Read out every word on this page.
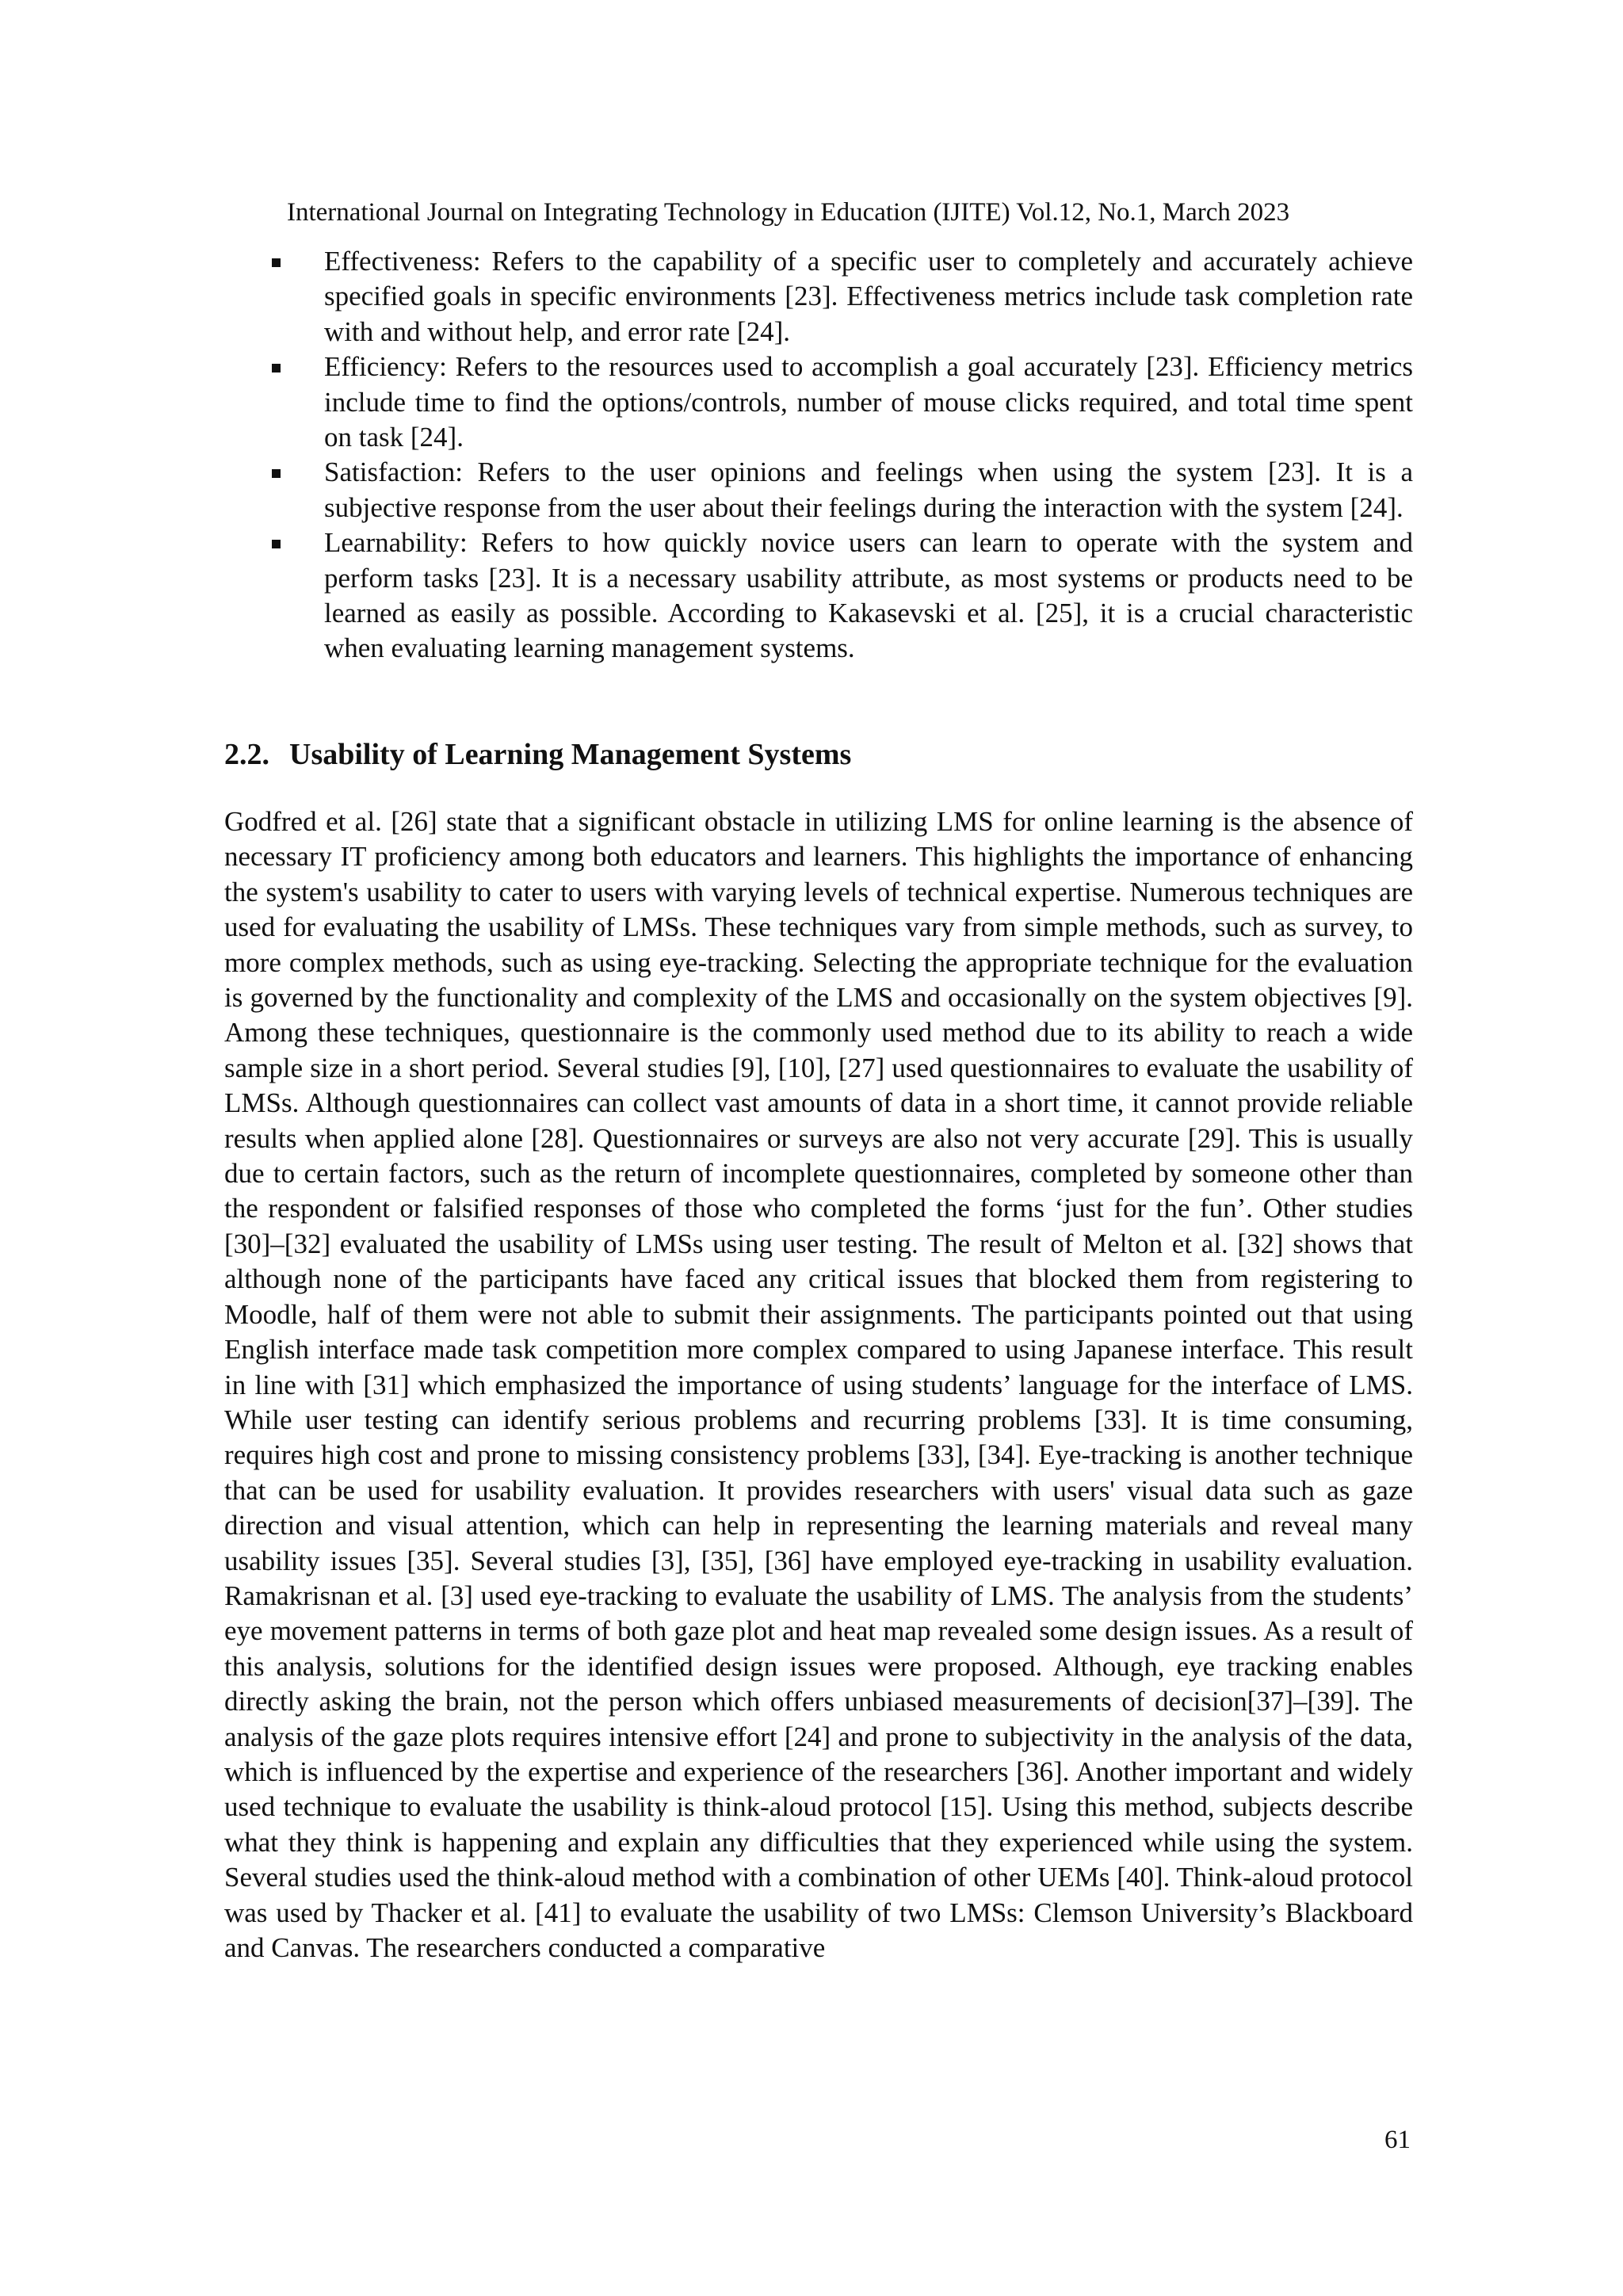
International Journal on Integrating Technology in Education (IJITE) Vol.12, No.1, March 2023
Effectiveness: Refers to the capability of a specific user to completely and accurately achieve specified goals in specific environments [23]. Effectiveness metrics include task completion rate with and without help, and error rate [24].
Efficiency: Refers to the resources used to accomplish a goal accurately [23]. Efficiency metrics include time to find the options/controls, number of mouse clicks required, and total time spent on task [24].
Satisfaction: Refers to the user opinions and feelings when using the system [23]. It is a subjective response from the user about their feelings during the interaction with the system [24].
Learnability: Refers to how quickly novice users can learn to operate with the system and perform tasks [23]. It is a necessary usability attribute, as most systems or products need to be learned as easily as possible. According to Kakasevski et al. [25], it is a crucial characteristic when evaluating learning management systems.
2.2. Usability of Learning Management Systems

Godfred et al. [26] state that a significant obstacle in utilizing LMS for online learning is the absence of necessary IT proficiency among both educators and learners. This highlights the importance of enhancing the system's usability to cater to users with varying levels of technical expertise. Numerous techniques are used for evaluating the usability of LMSs. These techniques vary from simple methods, such as survey, to more complex methods, such as using eye-tracking. Selecting the appropriate technique for the evaluation is governed by the functionality and complexity of the LMS and occasionally on the system objectives [9]. Among these techniques, questionnaire is the commonly used method due to its ability to reach a wide sample size in a short period. Several studies [9], [10], [27] used questionnaires to evaluate the usability of LMSs. Although questionnaires can collect vast amounts of data in a short time, it cannot provide reliable results when applied alone [28]. Questionnaires or surveys are also not very accurate [29]. This is usually due to certain factors, such as the return of incomplete questionnaires, completed by someone other than the respondent or falsified responses of those who completed the forms ‘just for the fun’. Other studies [30]–[32] evaluated the usability of LMSs using user testing. The result of Melton et al. [32] shows that although none of the participants have faced any critical issues that blocked them from registering to Moodle, half of them were not able to submit their assignments. The participants pointed out that using English interface made task competition more complex compared to using Japanese interface. This result in line with [31] which emphasized the importance of using students’ language for the interface of LMS. While user testing can identify serious problems and recurring problems [33]. It is time consuming, requires high cost and prone to missing consistency problems [33], [34]. Eye-tracking is another technique that can be used for usability evaluation. It provides researchers with users' visual data such as gaze direction and visual attention, which can help in representing the learning materials and reveal many usability issues [35]. Several studies [3], [35], [36] have employed eye-tracking in usability evaluation. Ramakrisnan et al. [3] used eye-tracking to evaluate the usability of LMS. The analysis from the students’ eye movement patterns in terms of both gaze plot and heat map revealed some design issues. As a result of this analysis, solutions for the identified design issues were proposed. Although, eye tracking enables directly asking the brain, not the person which offers unbiased measurements of decision[37]–[39]. The analysis of the gaze plots requires intensive effort [24] and prone to subjectivity in the analysis of the data, which is influenced by the expertise and experience of the researchers [36]. Another important and widely used technique to evaluate the usability is think-aloud protocol [15]. Using this method, subjects describe what they think is happening and explain any difficulties that they experienced while using the system. Several studies used the think-aloud method with a combination of other UEMs [40]. Think-aloud protocol was used by Thacker et al. [41] to evaluate the usability of two LMSs: Clemson University’s Blackboard and Canvas. The researchers conducted a comparative

61
